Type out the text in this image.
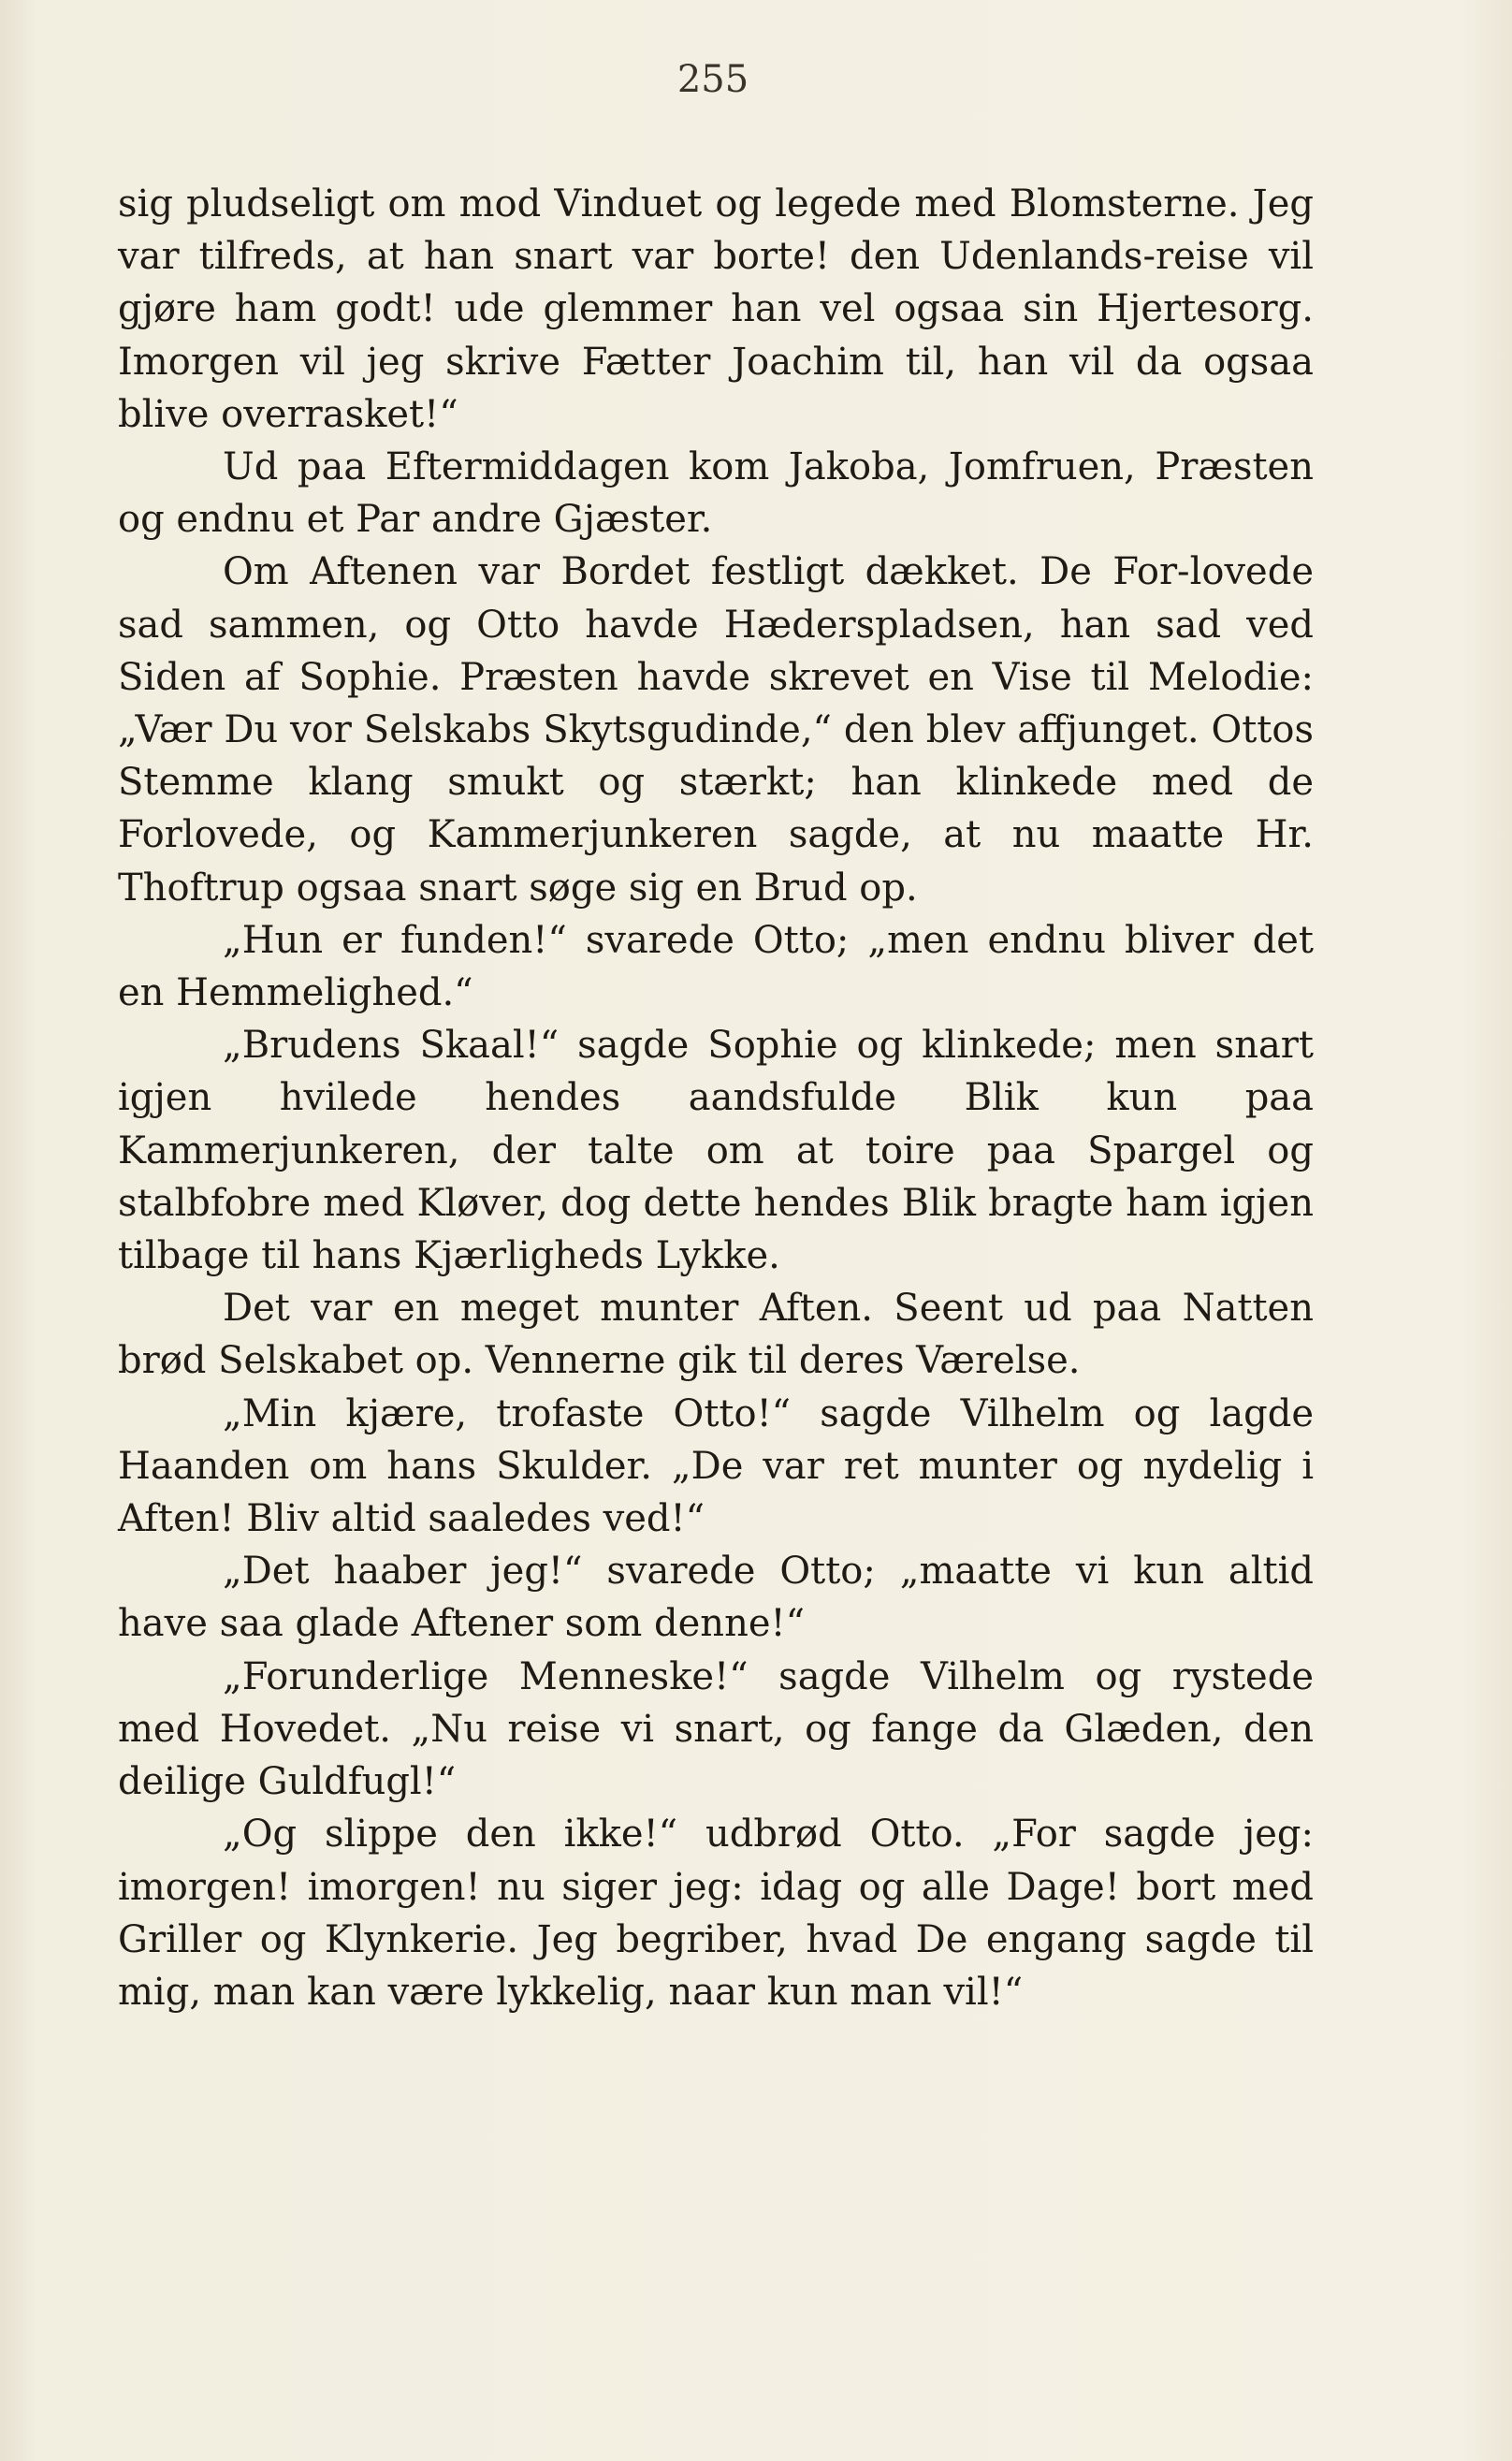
255

sig pludseligt om mod Vinduet og legede med Blomsterne. Jeg var tilfreds, at han snart var borte! den Udenlands-reise vil gjøre ham godt! ude glemmer han vel ogsaa sin Hjertesorg. Imorgen vil jeg skrive Fætter Joachim til, han vil da ogsaa blive overrasket!“

Ud paa Eftermiddagen kom Jakoba, Jomfruen, Præsten og endnu et Par andre Gjæster.

Om Aftenen var Bordet festligt dækket. De For-lovede sad sammen, og Otto havde Hæderspladsen, han sad ved Siden af Sophie. Præsten havde skrevet en Vise til Melodie: „Vær Du vor Selskabs Skytsgudinde,“ den blev affjunget. Ottos Stemme klang smukt og stærkt; han klinkede med de Forlovede, og Kammerjunkeren sagde, at nu maatte Hr. Thoftrup ogsaa snart søge sig en Brud op.

„Hun er funden!“ svarede Otto; „men endnu bliver det en Hemmelighed.“

„Brudens Skaal!“ sagde Sophie og klinkede; men snart igjen hvilede hendes aandsfulde Blik kun paa Kammerjunkeren, der talte om at toire paa Spargel og stalbfobre med Kløver, dog dette hendes Blik bragte ham igjen tilbage til hans Kjærligheds Lykke.

Det var en meget munter Aften. Seent ud paa Natten brød Selskabet op. Vennerne gik til deres Værelse.

„Min kjære, trofaste Otto!“ sagde Vilhelm og lagde Haanden om hans Skulder. „De var ret munter og nydelig i Aften! Bliv altid saaledes ved!“

„Det haaber jeg!“ svarede Otto; „maatte vi kun altid have saa glade Aftener som denne!“

„Forunderlige Menneske!“ sagde Vilhelm og rystede med Hovedet. „Nu reise vi snart, og fange da Glæden, den deilige Guldfugl!“

„Og slippe den ikke!“ udbrød Otto. „For sagde jeg: imorgen! imorgen! nu siger jeg: idag og alle Dage! bort med Griller og Klynkerie. Jeg begriber, hvad De engang sagde til mig, man kan være lykkelig, naar kun man vil!“
